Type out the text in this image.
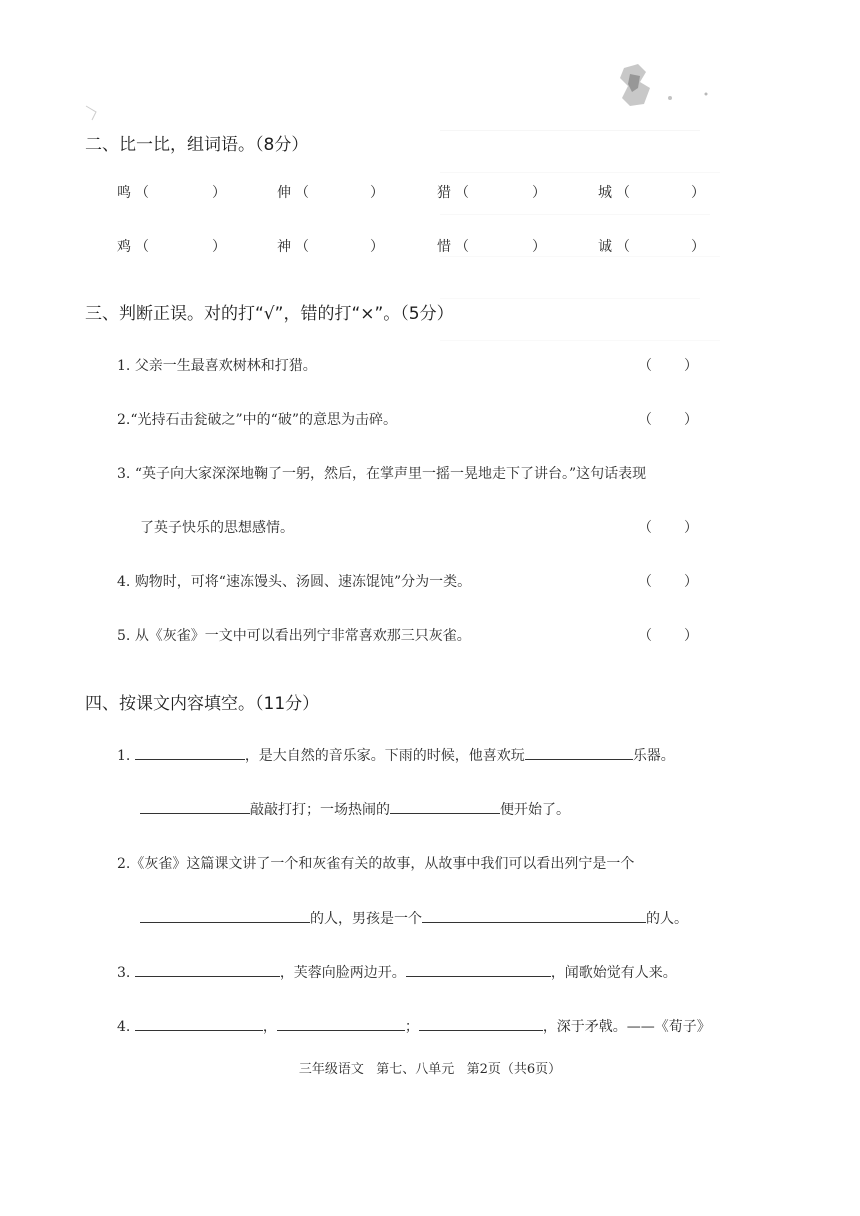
二、比一比，组词语。（8分）
鸣 （	）	伸 （	）	猎 （	）	城 （	）
鸡 （	）	神 （	）	惜 （	）	诚 （	）
三、判断正误。对的打“√”，错的打“×”。（5分）
1. 父亲一生最喜欢树林和打猎。	（ ）
2.“光持石击瓮破之”中的“破”的意思为击碎。	（ ）
3. “英子向大家深深地鞠了一躬，然后，在掌声里一摇一晃地走下了讲台。”这句话表现
了英子快乐的思想感情。	（ ）
4. 购物时，可将“速冻馒头、汤圆、速冻馄饨”分为一类。	（ ）
5. 从《灰雀》一文中可以看出列宁非常喜欢那三只灰雀。	（ ）
四、按课文内容填空。（11分）
1.	，是大自然的音乐家。下雨的时候，他喜欢玩	乐器。
敲敲打打；一场热闹的	便开始了。
2.《灰雀》这篇课文讲了一个和灰雀有关的故事，从故事中我们可以看出列宁是一个
的人，男孩是一个	的人。
3.	，芙蓉向脸两边开。	，闻歌始觉有人来。
4.	，	；	，深于矛戟。——《荀子》
三年级语文   第七、八单元   第2页（共6页）
